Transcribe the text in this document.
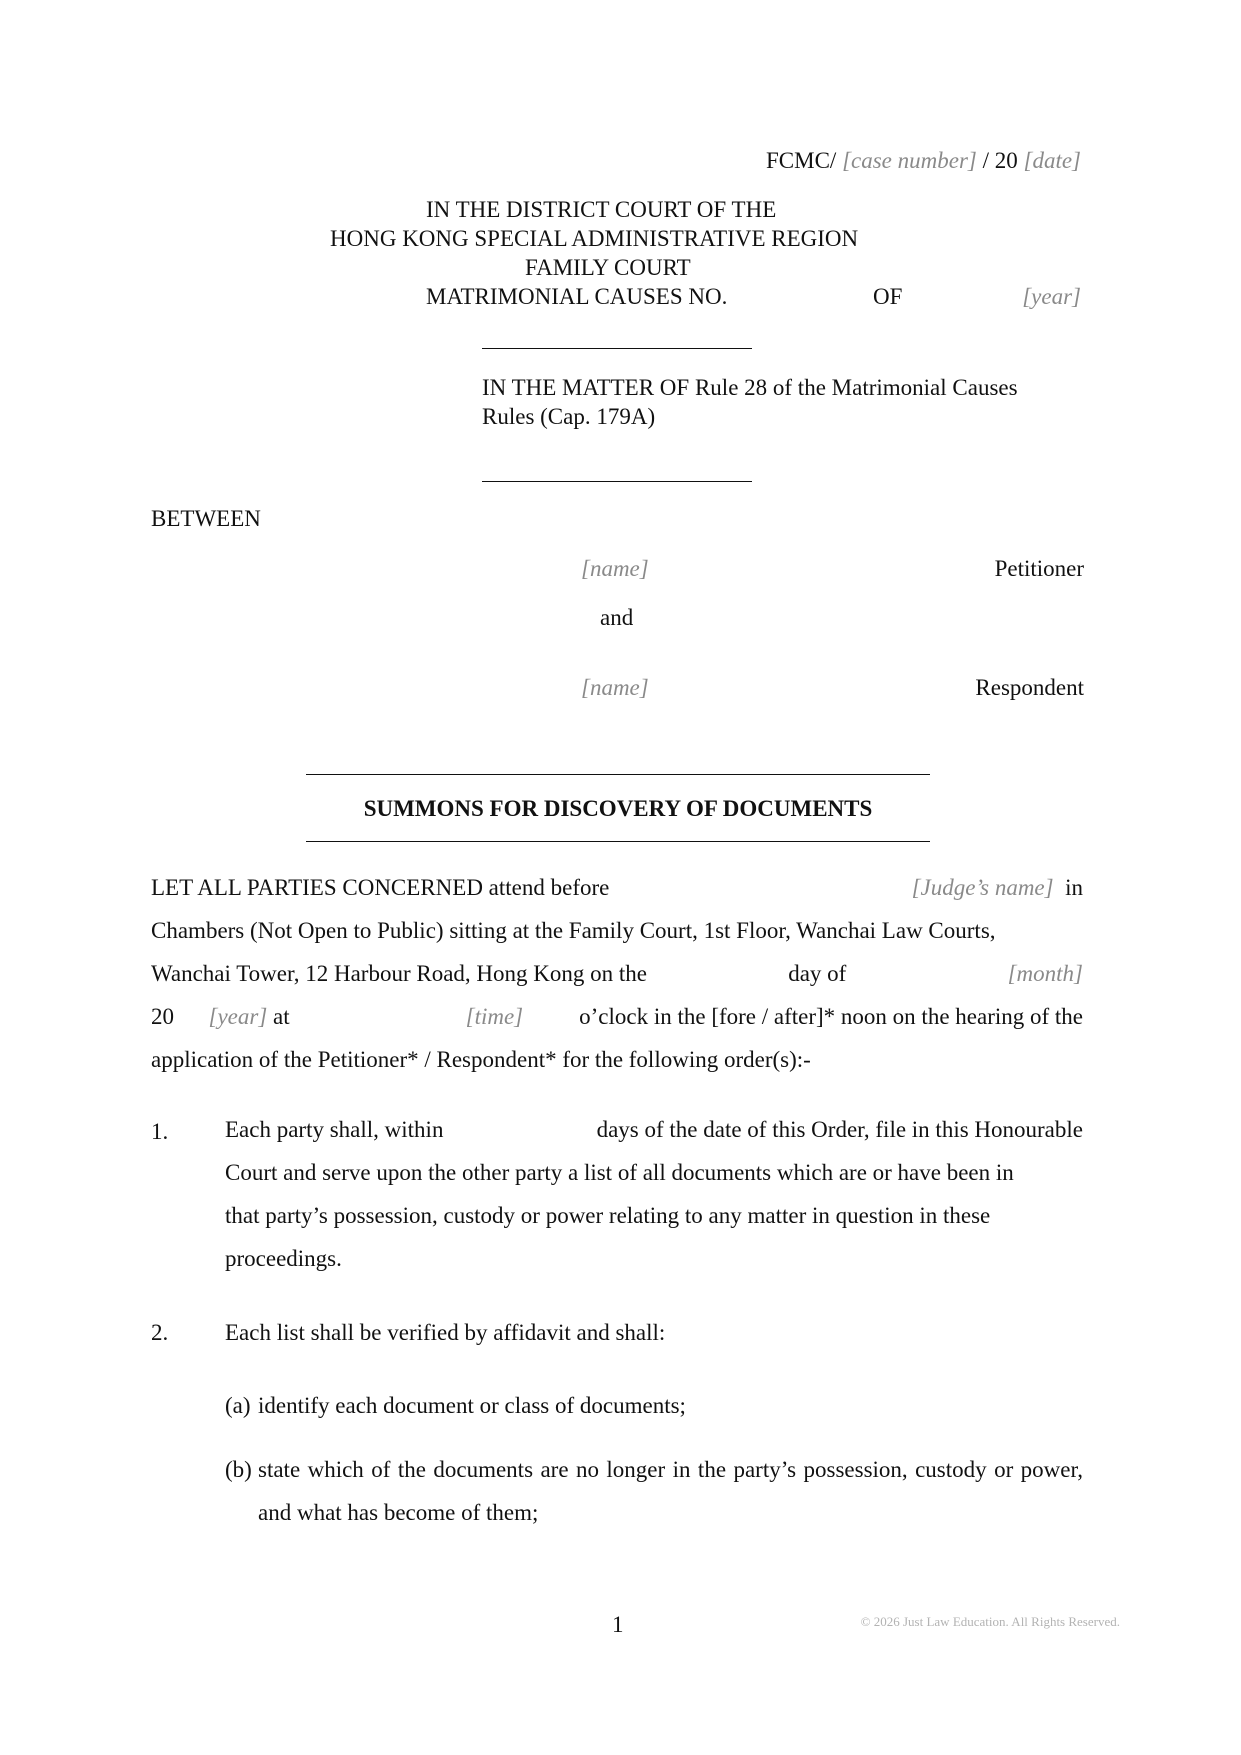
FCMC/ [case number] / 20 [date]
IN THE DISTRICT COURT OF THE
HONG KONG SPECIAL ADMINISTRATIVE REGION
FAMILY COURT
MATRIMONIAL CAUSES NO.	OF	[year]
IN THE MATTER OF Rule 28 of the Matrimonial Causes
Rules (Cap. 179A)
BETWEEN
[name]	Petitioner
and
[name]	Respondent
SUMMONS FOR DISCOVERY OF DOCUMENTS
LET ALL PARTIES CONCERNED attend before	[Judge’s name] in
Chambers (Not Open to Public) sitting at the Family Court, 1st Floor, Wanchai Law Courts,
Wanchai Tower, 12 Harbour Road, Hong Kong on the	day of	[month]
20 [year] at	[time] o’clock in the [fore / after]* noon on the hearing of the
application of the Petitioner* / Respondent* for the following order(s):-
1. Each party shall, within	days of the date of this Order, file in this Honourable
Court and serve upon the other party a list of all documents which are or have been in
that party’s possession, custody or power relating to any matter in question in these
proceedings.
2. Each list shall be verified by affidavit and shall:
(a) identify each document or class of documents;
(b) state which of the documents are no longer in the party’s possession, custody or power, and what has become of them;
1	© 2026 Just Law Education. All Rights Reserved.
